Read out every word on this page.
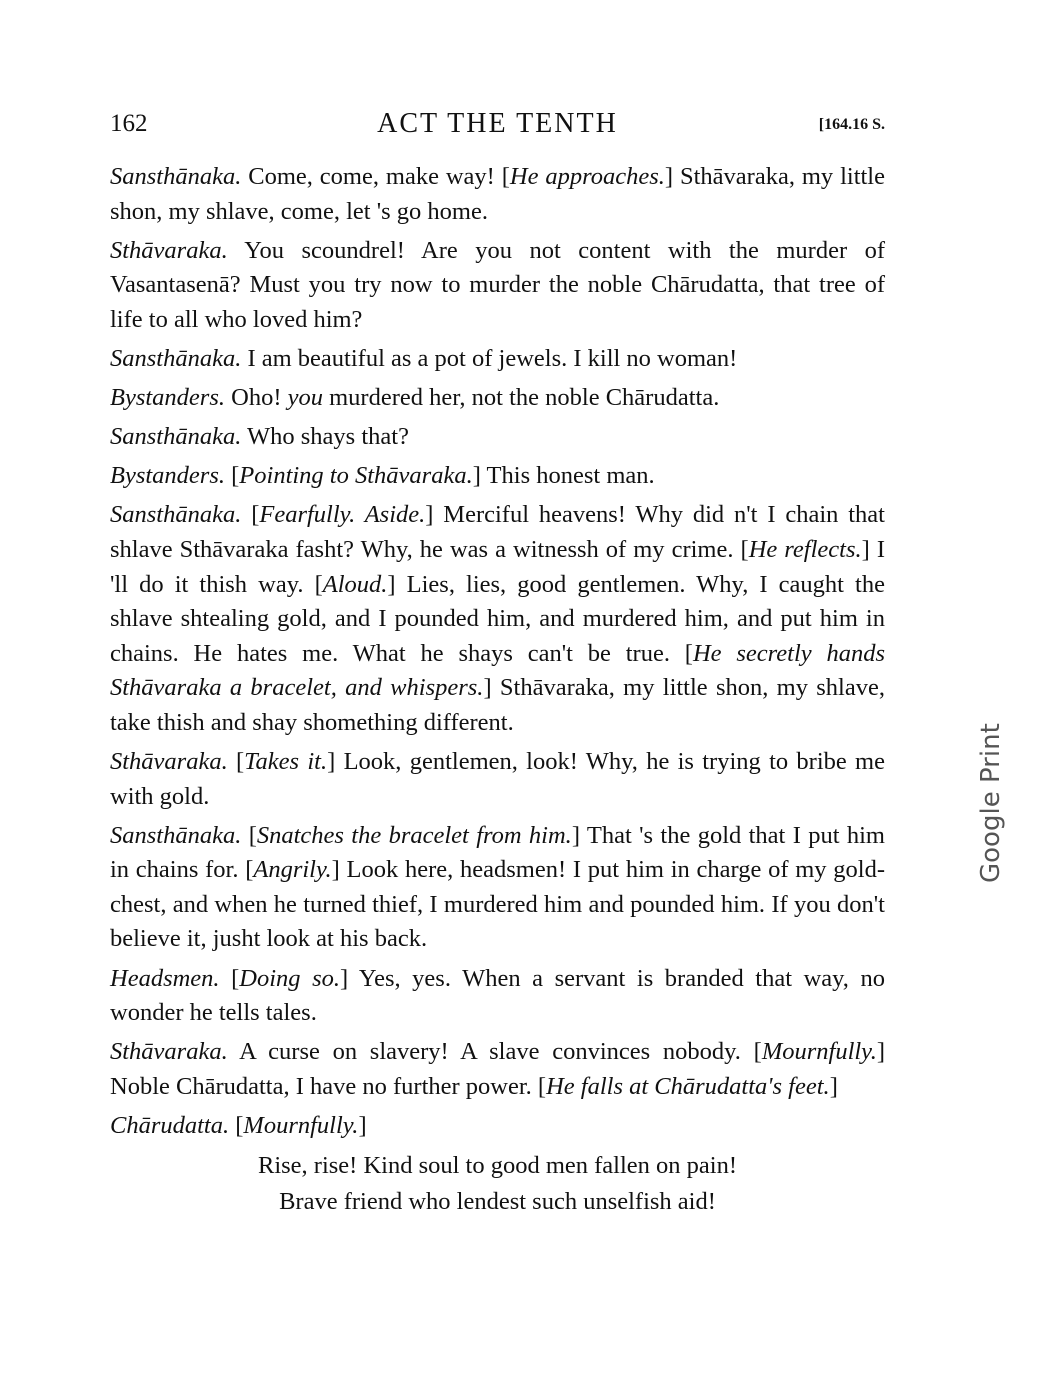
162	ACT THE TENTH	[164.16 S.

Sansthānaka. Come, come, make way! [He approaches.] Sthāvaraka, my little shon, my shlave, come, let 's go home.

Sthāvaraka. You scoundrel! Are you not content with the murder of Vasantasenā? Must you try now to murder the noble Chārudatta, that tree of life to all who loved him?

Sansthānaka. I am beautiful as a pot of jewels. I kill no woman!

Bystanders. Oho! you murdered her, not the noble Chārudatta.

Sansthānaka. Who shays that?

Bystanders. [Pointing to Sthāvaraka.] This honest man.

Sansthānaka. [Fearfully. Aside.] Merciful heavens! Why did n't I chain that shlave Sthāvaraka fasht? Why, he was a witnessh of my crime. [He reflects.] I 'll do it thish way. [Aloud.] Lies, lies, good gentlemen. Why, I caught the shlave shtealing gold, and I pounded him, and murdered him, and put him in chains. He hates me. What he shays can't be true. [He secretly hands Sthāvaraka a bracelet, and whispers.] Sthāvaraka, my little shon, my shlave, take thish and shay shomething different.

Sthāvaraka. [Takes it.] Look, gentlemen, look! Why, he is trying to bribe me with gold.

Sansthānaka. [Snatches the bracelet from him.] That 's the gold that I put him in chains for. [Angrily.] Look here, headsmen! I put him in charge of my gold-chest, and when he turned thief, I murdered him and pounded him. If you don't believe it, jusht look at his back.

Headsmen. [Doing so.] Yes, yes. When a servant is branded that way, no wonder he tells tales.

Sthāvaraka. A curse on slavery! A slave convinces nobody. [Mournfully.] Noble Chārudatta, I have no further power. [He falls at Chārudatta's feet.]

Chārudatta. [Mournfully.]

Rise, rise! Kind soul to good men fallen on pain!

Brave friend who lendest such unselfish aid!

Google Print
